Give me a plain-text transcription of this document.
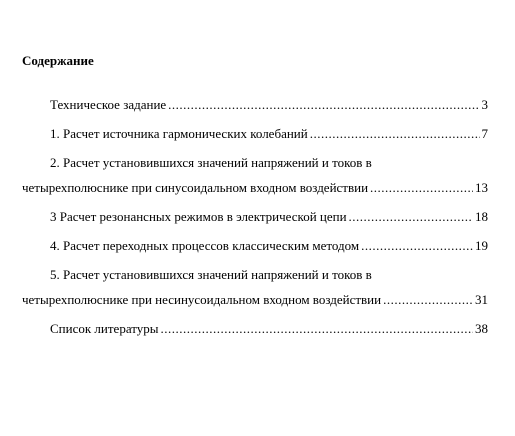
Содержание
Техническое задание .....	3
1. Расчет источника гармонических колебаний .....	7
2. Расчет установившихся значений напряжений и токов в
четырехполюснике при синусоидальном входном воздействии .....	13
3 Расчет резонансных режимов в электрической цепи .....	18
4. Расчет переходных процессов классическим методом .....	19
5. Расчет установившихся значений напряжений и токов в
четырехполюснике при несинусоидальном входном воздействии .....	31
Список литературы .....	38
